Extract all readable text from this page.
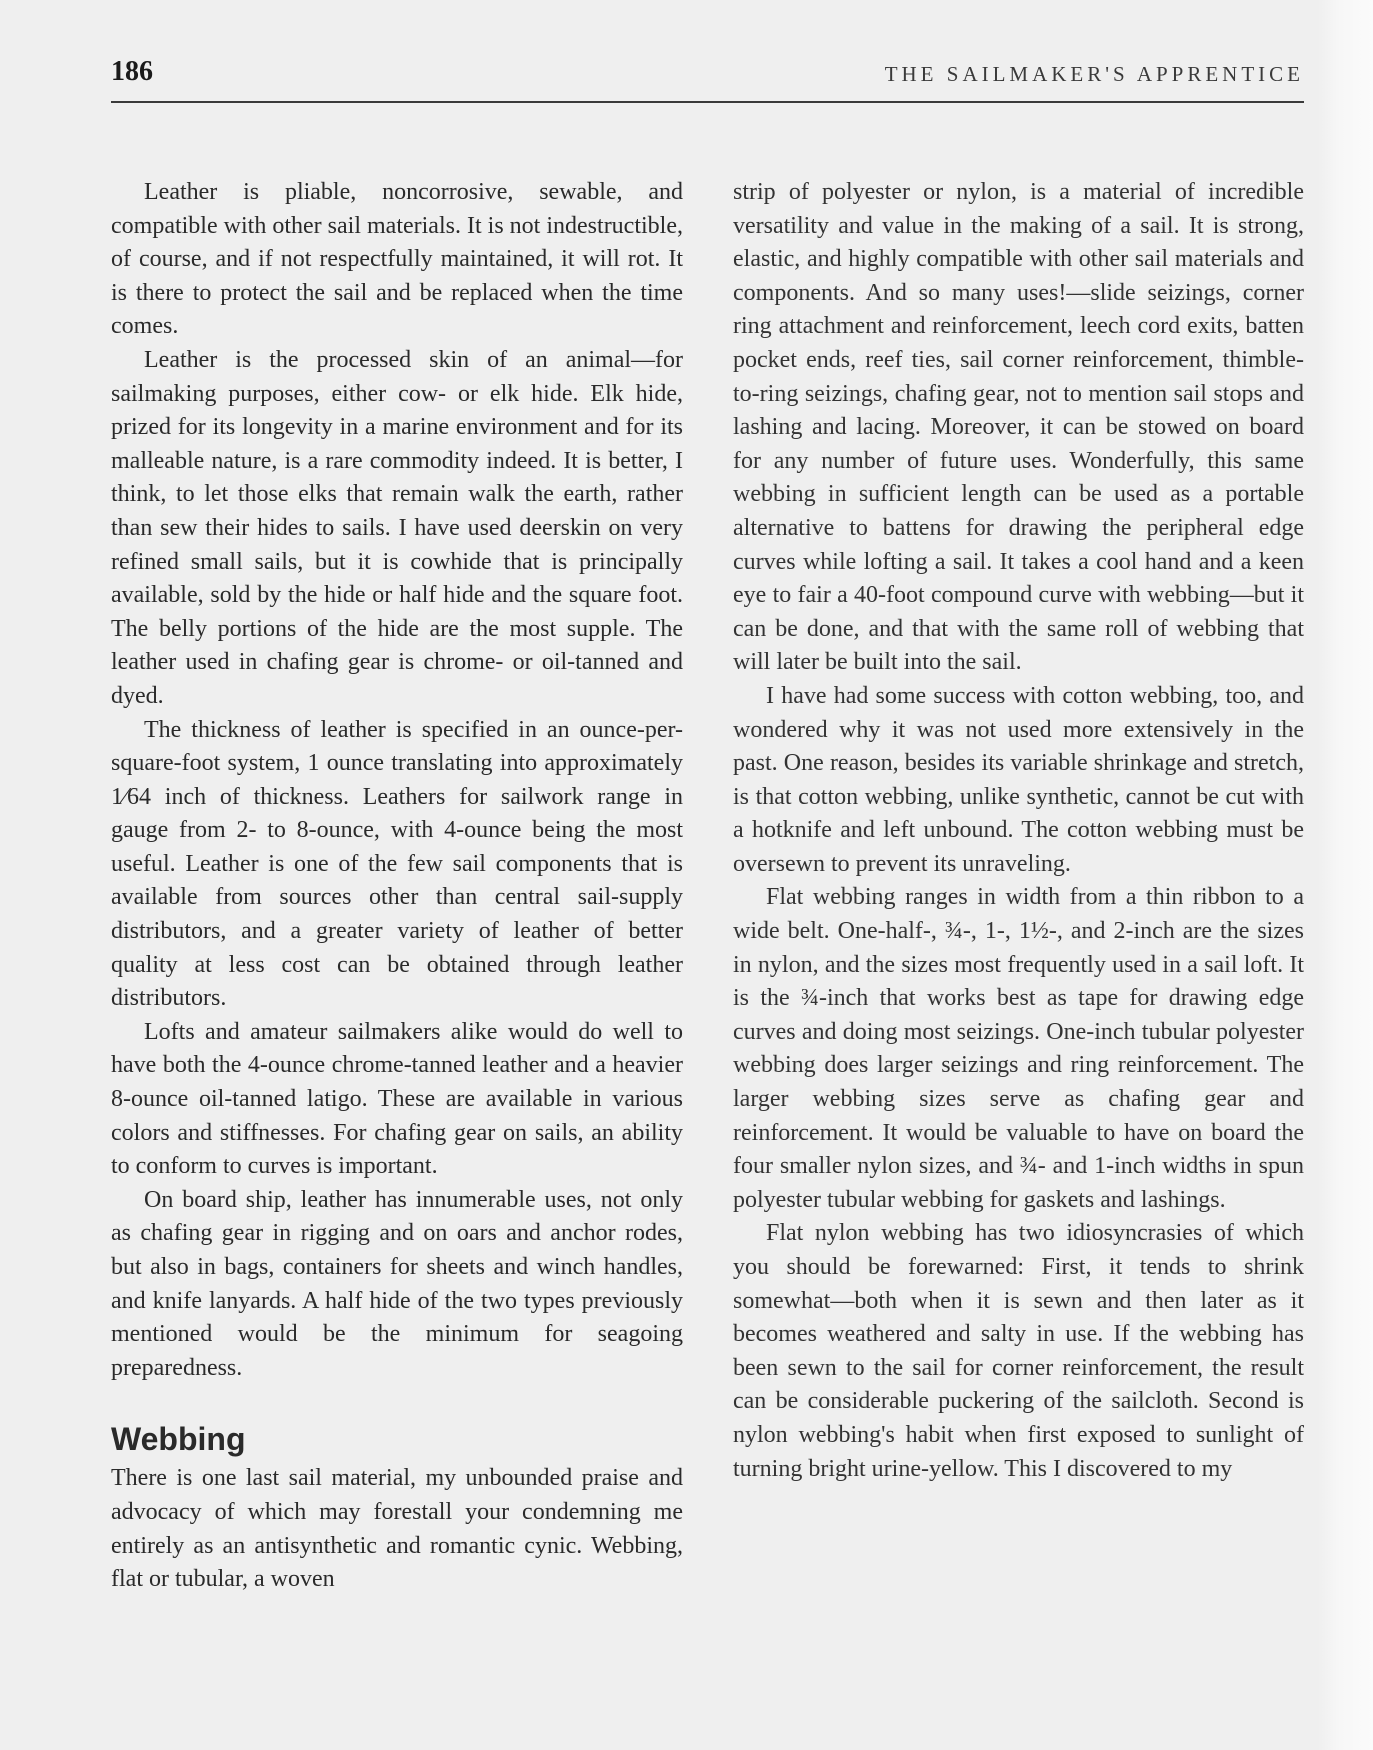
186	THE SAILMAKER'S APPRENTICE

Leather is pliable, noncorrosive, sewable, and compatible with other sail materials. It is not indestructible, of course, and if not respectfully maintained, it will rot. It is there to protect the sail and be replaced when the time comes.

Leather is the processed skin of an animal—for sailmaking purposes, either cow- or elk hide. Elk hide, prized for its longevity in a marine environment and for its malleable nature, is a rare commodity indeed. It is better, I think, to let those elks that remain walk the earth, rather than sew their hides to sails. I have used deerskin on very refined small sails, but it is cowhide that is principally available, sold by the hide or half hide and the square foot. The belly portions of the hide are the most supple. The leather used in chafing gear is chrome- or oil-tanned and dyed.

The thickness of leather is specified in an ounce-per-square-foot system, 1 ounce translating into approximately 1⁄64 inch of thickness. Leathers for sailwork range in gauge from 2- to 8-ounce, with 4-ounce being the most useful. Leather is one of the few sail components that is available from sources other than central sail-supply distributors, and a greater variety of leather of better quality at less cost can be obtained through leather distributors.

Lofts and amateur sailmakers alike would do well to have both the 4-ounce chrome-tanned leather and a heavier 8-ounce oil-tanned latigo. These are available in various colors and stiffnesses. For chafing gear on sails, an ability to conform to curves is important.

On board ship, leather has innumerable uses, not only as chafing gear in rigging and on oars and anchor rodes, but also in bags, containers for sheets and winch handles, and knife lanyards. A half hide of the two types previously mentioned would be the minimum for seagoing preparedness.

Webbing

There is one last sail material, my unbounded praise and advocacy of which may forestall your condemning me entirely as an antisynthetic and romantic cynic. Webbing, flat or tubular, a woven

strip of polyester or nylon, is a material of incredible versatility and value in the making of a sail. It is strong, elastic, and highly compatible with other sail materials and components. And so many uses!—slide seizings, corner ring attachment and reinforcement, leech cord exits, batten pocket ends, reef ties, sail corner reinforcement, thimble-to-ring seizings, chafing gear, not to mention sail stops and lashing and lacing. Moreover, it can be stowed on board for any number of future uses. Wonderfully, this same webbing in sufficient length can be used as a portable alternative to battens for drawing the peripheral edge curves while lofting a sail. It takes a cool hand and a keen eye to fair a 40-foot compound curve with webbing—but it can be done, and that with the same roll of webbing that will later be built into the sail.

I have had some success with cotton webbing, too, and wondered why it was not used more extensively in the past. One reason, besides its variable shrinkage and stretch, is that cotton webbing, unlike synthetic, cannot be cut with a hotknife and left unbound. The cotton webbing must be oversewn to prevent its unraveling.

Flat webbing ranges in width from a thin ribbon to a wide belt. One-half-, ¾-, 1-, 1½-, and 2-inch are the sizes in nylon, and the sizes most frequently used in a sail loft. It is the ¾-inch that works best as tape for drawing edge curves and doing most seizings. One-inch tubular polyester webbing does larger seizings and ring reinforcement. The larger webbing sizes serve as chafing gear and reinforcement. It would be valuable to have on board the four smaller nylon sizes, and ¾- and 1-inch widths in spun polyester tubular webbing for gaskets and lashings.

Flat nylon webbing has two idiosyncrasies of which you should be forewarned: First, it tends to shrink somewhat—both when it is sewn and then later as it becomes weathered and salty in use. If the webbing has been sewn to the sail for corner reinforcement, the result can be considerable puckering of the sailcloth. Second is nylon webbing's habit when first exposed to sunlight of turning bright urine-yellow. This I discovered to my
